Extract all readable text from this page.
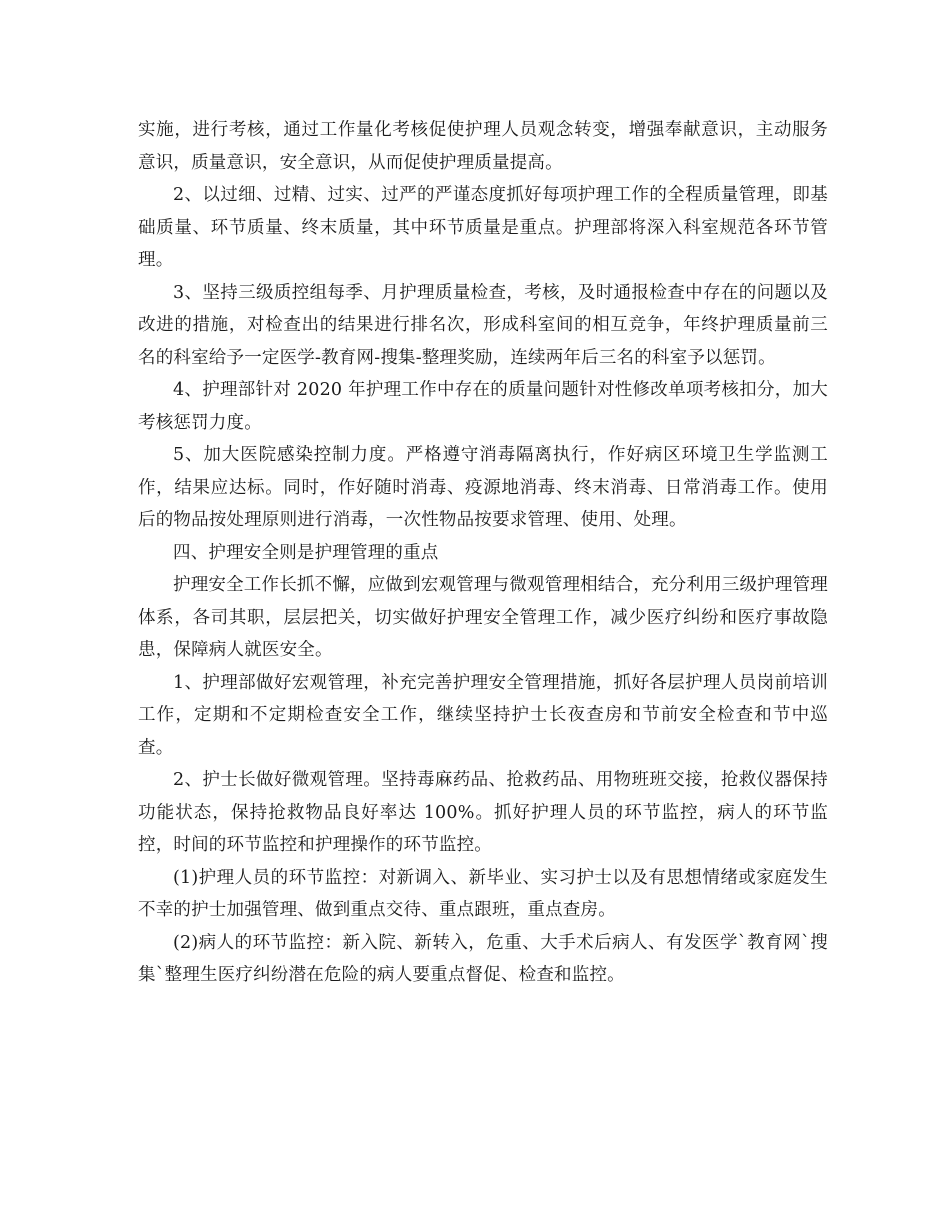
实施，进行考核，通过工作量化考核促使护理人员观念转变，增强奉献意识，主动服务意识，质量意识，安全意识，从而促使护理质量提高。

2、以过细、过精、过实、过严的严谨态度抓好每项护理工作的全程质量管理，即基础质量、环节质量、终末质量，其中环节质量是重点。护理部将深入科室规范各环节管理。

3、坚持三级质控组每季、月护理质量检查，考核，及时通报检查中存在的问题以及改进的措施，对检查出的结果进行排名次，形成科室间的相互竞争，年终护理质量前三名的科室给予一定医学-教育网-搜集-整理奖励，连续两年后三名的科室予以惩罚。

4、护理部针对 2020 年护理工作中存在的质量问题针对性修改单项考核扣分，加大考核惩罚力度。

5、加大医院感染控制力度。严格遵守消毒隔离执行，作好病区环境卫生学监测工作，结果应达标。同时，作好随时消毒、疫源地消毒、终末消毒、日常消毒工作。使用后的物品按处理原则进行消毒，一次性物品按要求管理、使用、处理。

四、护理安全则是护理管理的重点

护理安全工作长抓不懈，应做到宏观管理与微观管理相结合，充分利用三级护理管理体系，各司其职，层层把关，切实做好护理安全管理工作，减少医疗纠纷和医疗事故隐患，保障病人就医安全。

1、护理部做好宏观管理，补充完善护理安全管理措施，抓好各层护理人员岗前培训工作，定期和不定期检查安全工作，继续坚持护士长夜查房和节前安全检查和节中巡查。

2、护士长做好微观管理。坚持毒麻药品、抢救药品、用物班班交接，抢救仪器保持功能状态，保持抢救物品良好率达 100%。抓好护理人员的环节监控，病人的环节监控，时间的环节监控和护理操作的环节监控。

(1)护理人员的环节监控：对新调入、新毕业、实习护士以及有思想情绪或家庭发生不幸的护士加强管理、做到重点交待、重点跟班，重点查房。

(2)病人的环节监控：新入院、新转入，危重、大手术后病人、有发医学`教育网`搜集`整理生医疗纠纷潜在危险的病人要重点督促、检查和监控。
